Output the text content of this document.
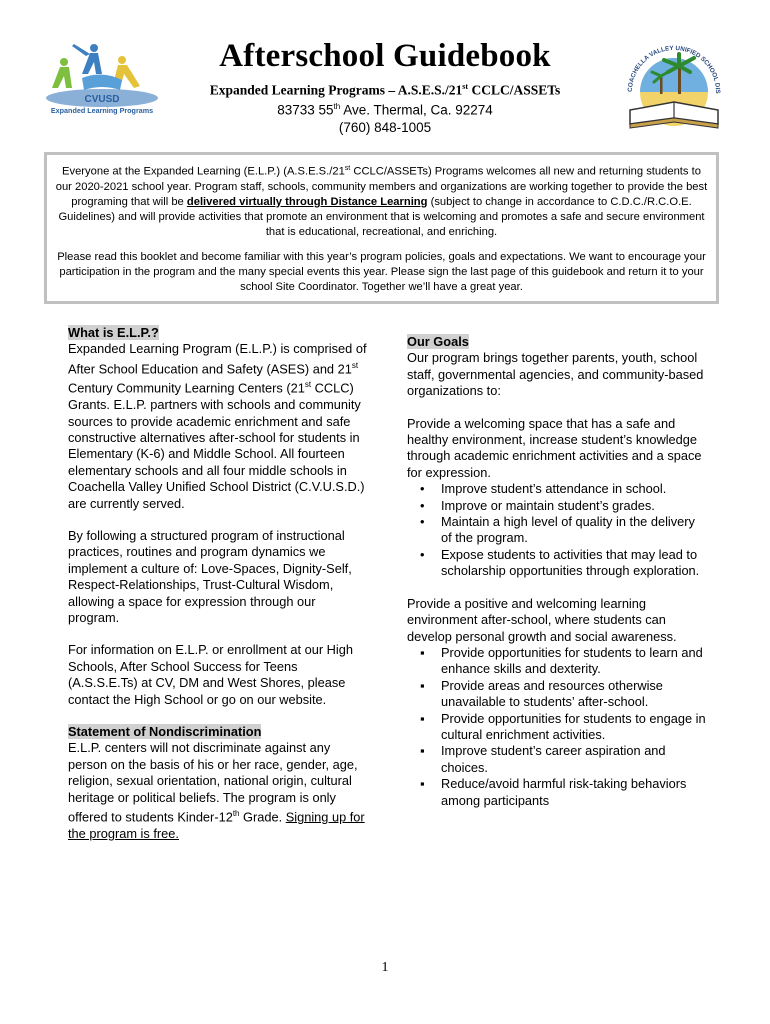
CVUSD
Expanded Learning Programs
COACHELLA VALLEY UNIFIED SCHOOL DIS
Afterschool Guidebook
Expanded Learning Programs – A.S.E.S./21st CCLC/ASSETs
83733 55th Ave. Thermal, Ca. 92274
(760) 848-1005

Everyone at the Expanded Learning (E.L.P.) (A.S.E.S./21st CCLC/ASSETs) Programs welcomes all new and returning students to our 2020-2021 school year. Program staff, schools, community members and organizations are working together to provide the best programing that will be delivered virtually through Distance Learning (subject to change in accordance to C.D.C./R.C.O.E. Guidelines) and will provide activities that promote an environment that is welcoming and promotes a safe and secure environment that is educational, recreational, and enriching.

Please read this booklet and become familiar with this year’s program policies, goals and expectations. We want to encourage your participation in the program and the many special events this year. Please sign the last page of this guidebook and return it to your school Site Coordinator. Together we’ll have a great year.

What is E.L.P.?

Expanded Learning Program (E.L.P.) is comprised of After School Education and Safety (ASES) and 21st Century Community Learning Centers (21st CCLC) Grants. E.L.P. partners with schools and community sources to provide academic enrichment and safe constructive alternatives after-school for students in Elementary (K-6) and Middle School. All fourteen elementary schools and all four middle schools in Coachella Valley Unified School District (C.V.U.S.D.) are currently served.

By following a structured program of instructional practices, routines and program dynamics we implement a culture of: Love-Spaces, Dignity-Self, Respect-Relationships, Trust-Cultural Wisdom, allowing a space for expression through our program.

For information on E.L.P. or enrollment at our High Schools, After School Success for Teens (A.S.S.E.Ts) at CV, DM and West Shores, please contact the High School or go on our website.

Statement of Nondiscrimination

E.L.P. centers will not discriminate against any person on the basis of his or her race, gender, age, religion, sexual orientation, national origin, cultural heritage or political beliefs. The program is only offered to students Kinder-12th Grade. Signing up for the program is free.

Our Goals

Our program brings together parents, youth, school staff, governmental agencies, and community-based organizations to:

Provide a welcoming space that has a safe and healthy environment, increase student’s knowledge through academic enrichment activities and a space for expression.

• Improve student’s attendance in school.
• Improve or maintain student’s grades.
• Maintain a high level of quality in the delivery of the program.
• Expose students to activities that may lead to scholarship opportunities through exploration.

Provide a positive and welcoming learning environment after-school, where students can develop personal growth and social awareness.

▪ Provide opportunities for students to learn and enhance skills and dexterity.
▪ Provide areas and resources otherwise unavailable to students’ after-school.
▪ Provide opportunities for students to engage in cultural enrichment activities.
▪ Improve student’s career aspiration and choices.
▪ Reduce/avoid harmful risk-taking behaviors among participants
1
